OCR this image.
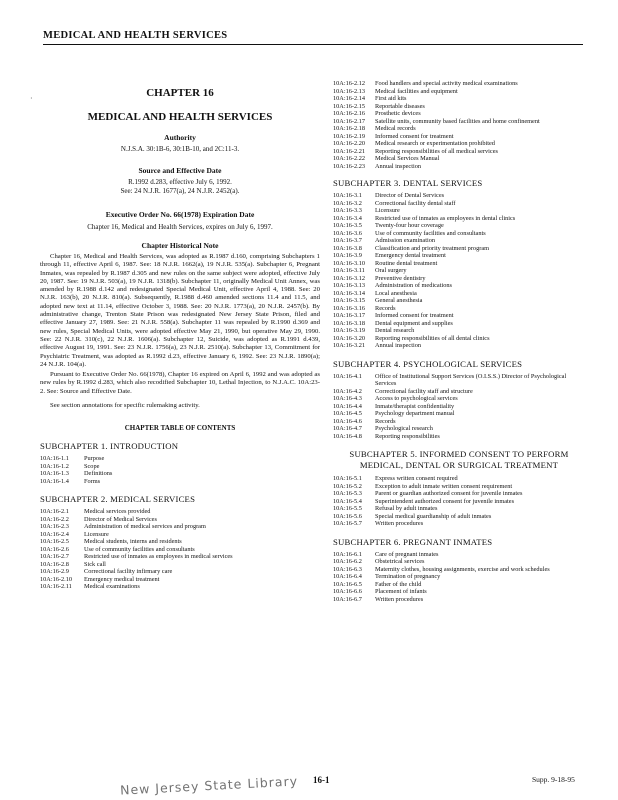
MEDICAL AND HEALTH SERVICES
·	CHAPTER 16
MEDICAL AND HEALTH SERVICES
Authority
N.J.S.A. 30:1B-6, 30:1B-10, and 2C:11-3.
Source and Effective Date
R.1992 d.283, effective July 6, 1992.
See: 24 N.J.R. 1677(a), 24 N.J.R. 2452(a).
Executive Order No. 66(1978) Expiration Date
Chapter 16, Medical and Health Services, expires on July 6, 1997.
Chapter Historical Note

Chapter 16, Medical and Health Services, was adopted as R.1987 d.160, comprising Subchapters 1 through 11, effective April 6, 1987. See: 18 N.J.R. 1662(a), 19 N.J.R. 535(a). Subchapter 6, Pregnant Inmates, was repealed by R.1987 d.305 and new rules on the same subject were adopted, effective July 20, 1987. See: 19 N.J.R. 503(a), 19 N.J.R. 1318(b). Subchapter 11, originally Medical Unit Annex, was amended by R.1988 d.142 and redesignated Special Medical Unit, effective April 4, 1988. See: 20 N.J.R. 163(b), 20 N.J.R. 810(a). Subsequently, R.1988 d.460 amended sections 11.4 and 11.5, and adopted new text at 11.14, effective October 3, 1988. See: 20 N.J.R. 1773(a), 20 N.J.R. 2457(b). By administrative change, Trenton State Prison was redesignated New Jersey State Prison, filed and effective January 27, 1989. See: 21 N.J.R. 558(a). Subchapter 11 was repealed by R.1990 d.369 and new rules, Special Medical Units, were adopted effective May 21, 1990, but operative May 29, 1990. See: 22 N.J.R. 310(c), 22 N.J.R. 1606(a). Subchapter 12, Suicide, was adopted as R.1991 d.439, effective August 19, 1991. See: 23 N.J.R. 1756(a), 23 N.J.R. 2510(a). Subchapter 13, Commitment for Psychiatric Treatment, was adopted as R.1992 d.23, effective January 6, 1992. See: 23 N.J.R. 1890(a); 24 N.J.R. 104(a).

Pursuant to Executive Order No. 66(1978), Chapter 16 expired on April 6, 1992 and was adopted as new rules by R.1992 d.283, which also recodified Subchapter 10, Lethal Injection, to N.J.A.C. 10A:23-2. See: Source and Effective Date.

See section annotations for specific rulemaking activity.

CHAPTER TABLE OF CONTENTS
SUBCHAPTER 1. INTRODUCTION
10A:16-1.1	Purpose
10A:16-1.2	Scope
10A:16-1.3	Definitions
10A:16-1.4	Forms
SUBCHAPTER 2. MEDICAL SERVICES
10A:16-2.1	Medical services provided
10A:16-2.2	Director of Medical Services
10A:16-2.3	Administration of medical services and program
10A:16-2.4	Licensure
10A:16-2.5	Medical students, interns and residents
10A:16-2.6	Use of community facilities and consultants
10A:16-2.7	Restricted use of inmates as employees in medical services
10A:16-2.8	Sick call
10A:16-2.9	Correctional facility infirmary care
10A:16-2.10	Emergency medical treatment
10A:16-2.11	Medical examinations
10A:16-2.12	Food handlers and special activity medical examinations
10A:16-2.13	Medical facilities and equipment
10A:16-2.14	First aid kits
10A:16-2.15	Reportable diseases
10A:16-2.16	Prosthetic devices
10A:16-2.17	Satellite units, community based facilities and home confinement
10A:16-2.18	Medical records
10A:16-2.19	Informed consent for treatment
10A:16-2.20	Medical research or experimentation prohibited
10A:16-2.21	Reporting responsibilities of all medical services
10A:16-2.22	Medical Services Manual
10A:16-2.23	Annual inspection
SUBCHAPTER 3. DENTAL SERVICES
10A:16-3.1	Director of Dental Services
10A:16-3.2	Correctional facility dental staff
10A:16-3.3	Licensure
10A:16-3.4	Restricted use of inmates as employees in dental clinics
10A:16-3.5	Twenty-four hour coverage
10A:16-3.6	Use of community facilities and consultants
10A:16-3.7	Admission examination
10A:16-3.8	Classification and priority treatment program
10A:16-3.9	Emergency dental treatment
10A:16-3.10	Routine dental treatment
10A:16-3.11	Oral surgery
10A:16-3.12	Preventive dentistry
10A:16-3.13	Administration of medications
10A:16-3.14	Local anesthesia
10A:16-3.15	General anesthesia
10A:16-3.16	Records
10A:16-3.17	Informed consent for treatment
10A:16-3.18	Dental equipment and supplies
10A:16-3.19	Dental research
10A:16-3.20	Reporting responsibilities of all dental clinics
10A:16-3.21	Annual inspection
SUBCHAPTER 4. PSYCHOLOGICAL SERVICES
10A:16-4.1	Office of Institutional Support Services (O.I.S.S.) Director of Psychological Services
10A:16-4.2	Correctional facility staff and structure
10A:16-4.3	Access to psychological services
10A:16-4.4	Inmate/therapist confidentiality
10A:16-4.5	Psychology department manual
10A:16-4.6	Records
10A:16-4.7	Psychological research
10A:16-4.8	Reporting responsibilities
SUBCHAPTER 5. INFORMED CONSENT TO PERFORM MEDICAL, DENTAL OR SURGICAL TREATMENT
10A:16-5.1	Express written consent required
10A:16-5.2	Exception to adult inmate written consent requirement
10A:16-5.3	Parent or guardian authorized consent for juvenile inmates
10A:16-5.4	Superintendent authorized consent for juvenile inmates
10A:16-5.5	Refusal by adult inmates
10A:16-5.6	Special medical guardianship of adult inmates
10A:16-5.7	Written procedures
SUBCHAPTER 6. PREGNANT INMATES
10A:16-6.1	Care of pregnant inmates
10A:16-6.2	Obstetrical services
10A:16-6.3	Maternity clothes, housing assignments, exercise and work schedules
10A:16-6.4	Termination of pregnancy
10A:16-6.5	Father of the child
10A:16-6.6	Placement of infants
10A:16-6.7	Written procedures
New Jersey State Library 16-1	Supp. 9-18-95
